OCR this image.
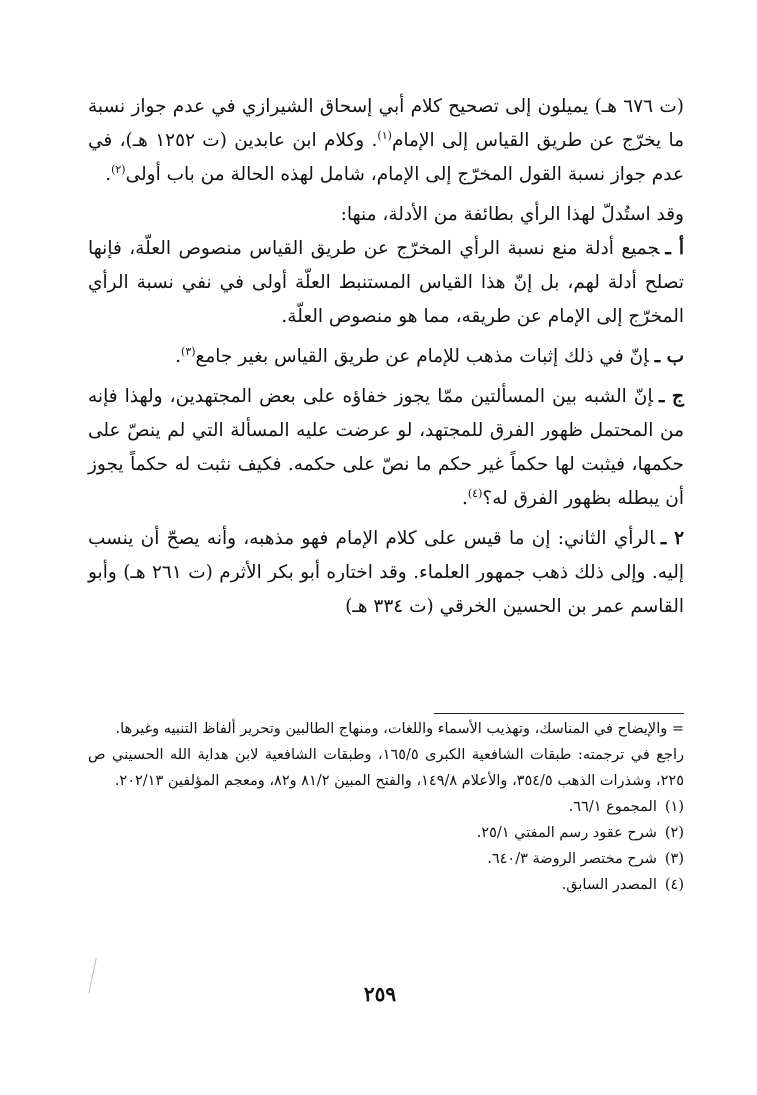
(ت ٦٧٦ هـ) يميلون إلى تصحيح كلام أبي إسحاق الشيرازي في عدم جواز نسبة ما يخرّج عن طريق القياس إلى الإمام$^{(١)}$. وكلام ابن عابدين (ت ١٢٥٢ هـ)، في عدم جواز نسبة القول المخرّج إلى الإمام، شامل لهذه الحالة من باب أولى$^{(٢)}$.

وقد استُدلّ لهذا الرأي بطائفة من الأدلة، منها:

أ ـجميع أدلة منع نسبة الرأي المخرّج عن طريق القياس منصوص العلّة، فإنها تصلح أدلة لهم، بل إنّ هذا القياس المستنبط العلّة أولى في نفي نسبة الرأي المخرّج إلى الإمام عن طريقه، مما هو منصوص العلّة.

ب ـإنّ في ذلك إثبات مذهب للإمام عن طريق القياس بغير جامع$^{(٣)}$.

ج ـإنّ الشبه بين المسألتين ممّا يجوز خفاؤه على بعض المجتهدين، ولهذا فإنه من المحتمل ظهور الفرق للمجتهد، لو عرضت عليه المسألة التي لم ينصّ على حكمها، فيثبت لها حكماً غير حكم ما نصّ على حكمه. فكيف نثبت له حكماً يجوز أن يبطله بظهور الفرق له؟$^{(٤)}$.

٢ ـالرأي الثاني: إن ما قيس على كلام الإمام فهو مذهبه، وأنه يصحّ أن ينسب إليه. وإلى ذلك ذهب جمهور العلماء. وقد اختاره أبو بكر الأثرم (ت ٢٦١ هـ) وأبو القاسم عمر بن الحسين الخرقي (ت ٣٣٤ هـ)

= والإيضاح في المناسك، وتهذيب الأسماء واللغات، ومنهاج الطالبين وتحرير ألفاظ التنبيه وغيرها.

راجع في ترجمته: طبقات الشافعية الكبرى ١٦٥/٥، وطبقات الشافعية لابن هداية الله الحسيني ص ٢٢٥، وشذرات الذهب ٣٥٤/٥، والأعلام ١٤٩/٨، والفتح المبين ٨١/٢ و٨٢، ومعجم المؤلفين ٢٠٢/١٣.

(١)
المجموع ٦٦/١.

(٢)
شرح عقود رسم المفتي ٢٥/١.

(٣)
شرح مختصر الروضة ٦٤٠/٣.

(٤)
المصدر السابق.

٢٥٩
